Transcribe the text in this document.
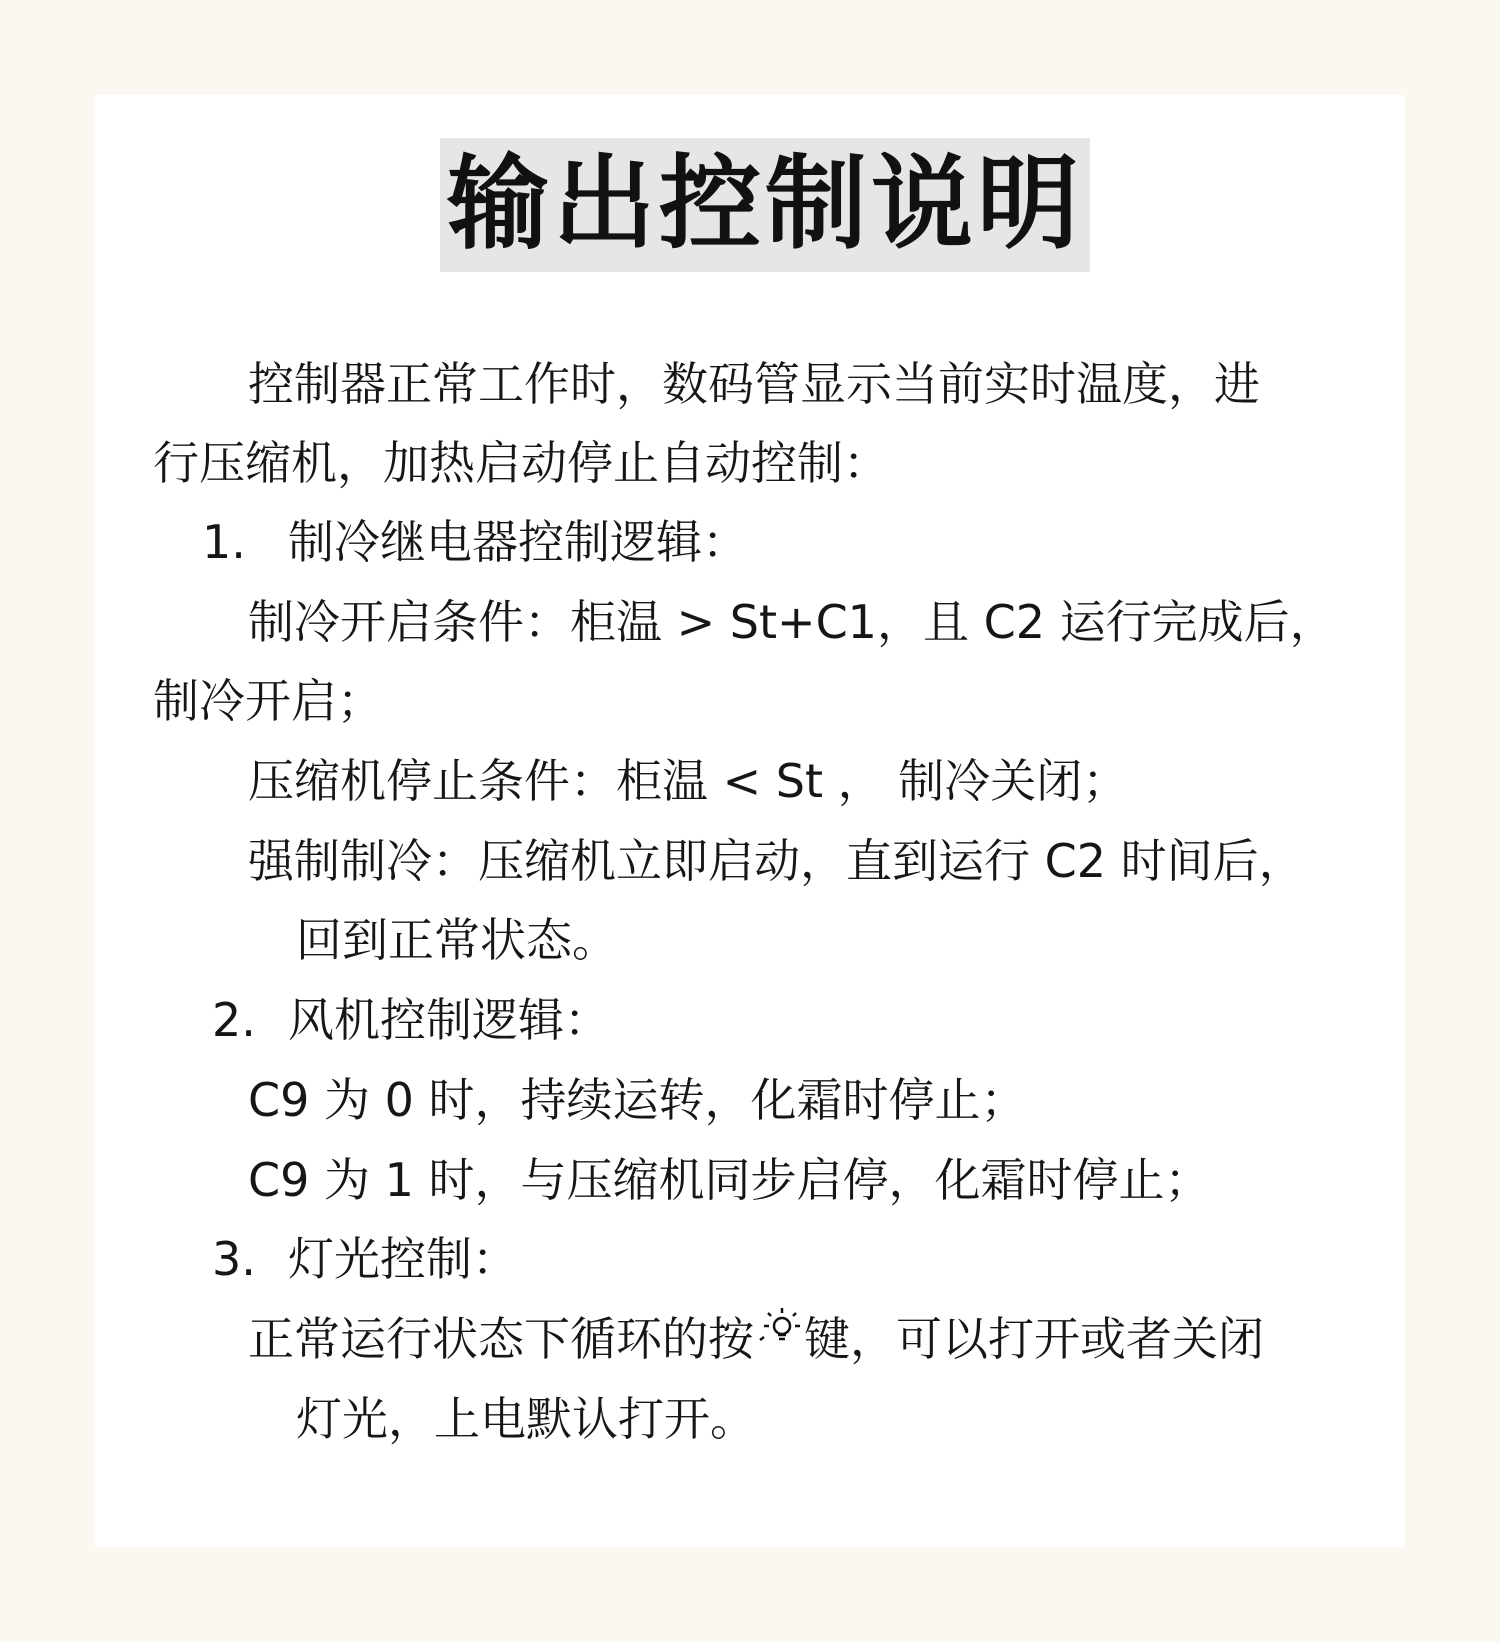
输出控制说明
控制器正常工作时，数码管显示当前实时温度，进
行压缩机，加热启动停止自动控制：
1. 制冷继电器控制逻辑：
制冷开启条件：柜温 > St+C1，且 C2 运行完成后，
制冷开启；
压缩机停止条件：柜温 < St ， 制冷关闭；
强制制冷：压缩机立即启动，直到运行 C2 时间后，
回到正常状态。
2. 风机控制逻辑：
C9 为 0 时，持续运转，化霜时停止；
C9 为 1 时，与压缩机同步启停，化霜时停止；
3. 灯光控制：
正常运行状态下循环的按 键，可以打开或者关闭
灯光，上电默认打开。
